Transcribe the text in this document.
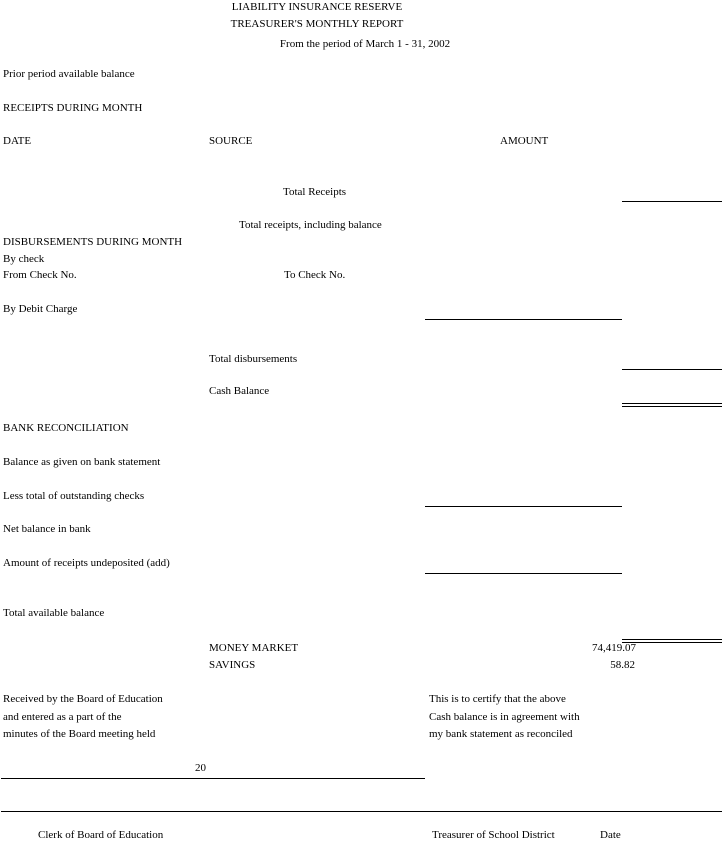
LIABILITY INSURANCE RESERVE
TREASURER'S MONTHLY REPORT
From the period of March 1 - 31, 2002
Prior period available balance
RECEIPTS DURING MONTH
DATE	SOURCE	AMOUNT
Total Receipts
Total receipts, including balance
DISBURSEMENTS DURING MONTH
By check
From Check No.	To Check No.
By Debit Charge
Total disbursements
Cash Balance
BANK RECONCILIATION
Balance as given on bank statement
Less total of outstanding checks
Net balance in bank
Amount of receipts undeposited (add)
Total available balance
MONEY MARKET	74,419.07
SAVINGS	58.82
Received by the Board of Education
and entered as a part of the
minutes of the Board meeting held
This is to certify that the above
Cash balance is in agreement with
my bank statement as reconciled
20
Clerk of Board of Education	Treasurer of School District	Date
